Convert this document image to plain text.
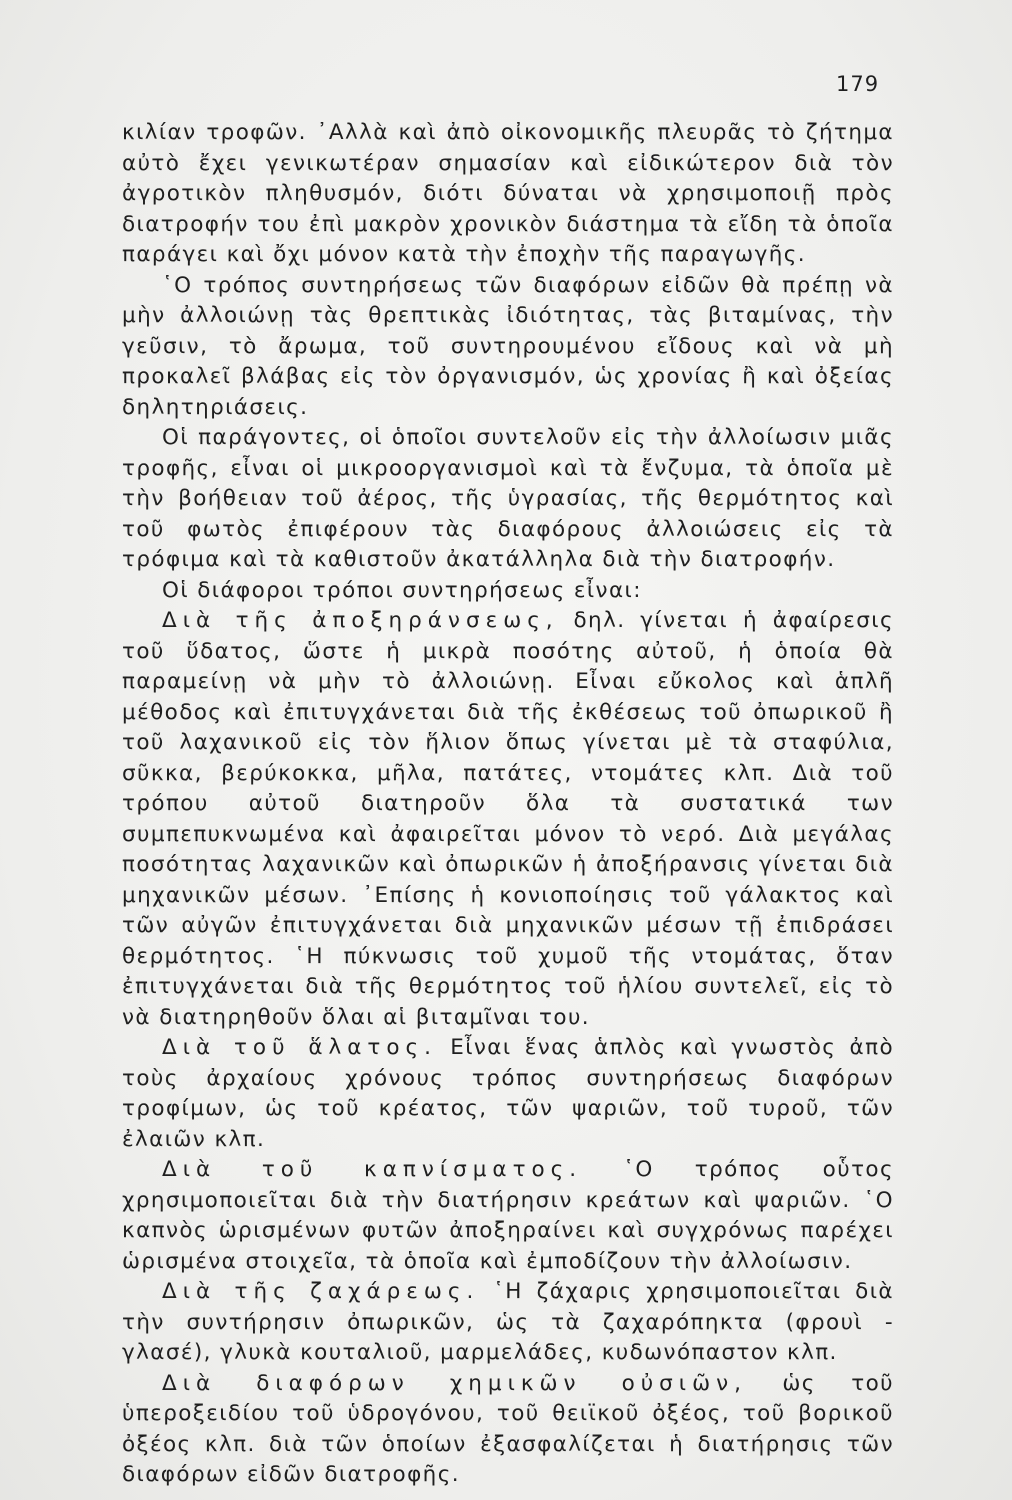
179

κιλίαν τροφῶν. ᾿Αλλὰ καὶ ἀπὸ οἰκονομικῆς πλευρᾶς τὸ ζήτημα αὐτὸ ἔχει γενικωτέραν σημασίαν καὶ εἰδικώτερον διὰ τὸν ἀγροτικὸν πληθυσμόν, διότι δύναται νὰ χρησιμοποιῇ πρὸς διατροφήν του ἐπὶ μακρὸν χρονικὸν διάστημα τὰ εἴδη τὰ ὁποῖα παράγει καὶ ὄχι μόνον κατὰ τὴν ἐποχὴν τῆς παραγωγῆς.

῾Ο τρόπος συντηρήσεως τῶν διαφόρων εἰδῶν θὰ πρέπῃ νὰ μὴν ἀλλοιώνῃ τὰς θρεπτικὰς ἰδιότητας, τὰς βιταμίνας, τὴν γεῦσιν, τὸ ἄρωμα, τοῦ συντηρουμένου εἴδους καὶ νὰ μὴ προκαλεῖ βλάβας εἰς τὸν ὀργανισμόν, ὡς χρονίας ἢ καὶ ὀξείας δηλητηριάσεις.

Οἱ παράγοντες, οἱ ὁποῖοι συντελοῦν εἰς τὴν ἀλλοίωσιν μιᾶς τροφῆς, εἶναι οἱ μικροοργανισμοὶ καὶ τὰ ἔνζυμα, τὰ ὁποῖα μὲ τὴν βοήθειαν τοῦ ἀέρος, τῆς ὑγρασίας, τῆς θερμότητος καὶ τοῦ φωτὸς ἐπιφέρουν τὰς διαφόρους ἀλλοιώσεις εἰς τὰ τρόφιμα καὶ τὰ καθιστοῦν ἀκατάλληλα διὰ τὴν διατροφήν.

Οἱ διάφοροι τρόποι συντηρήσεως εἶναι:

Διὰ τῆς ἀποξηράνσεως, δηλ. γίνεται ἡ ἀφαίρεσις τοῦ ὕδατος, ὥστε ἡ μικρὰ ποσότης αὐτοῦ, ἡ ὁποία θὰ παραμείνῃ νὰ μὴν τὸ ἀλλοιώνῃ. Εἶναι εὔκολος καὶ ἁπλῆ μέθοδος καὶ ἐπιτυγχάνεται διὰ τῆς ἐκθέσεως τοῦ ὀπωρικοῦ ἢ τοῦ λαχανικοῦ εἰς τὸν ἥλιον ὅπως γίνεται μὲ τὰ σταφύλια, σῦκκα, βερύκοκκα, μῆλα, πατάτες, ντομάτες κλπ. Διὰ τοῦ τρόπου αὐτοῦ διατηροῦν ὅλα τὰ συστατικά των συμπεπυκνωμένα καὶ ἀφαιρεῖται μόνον τὸ νερό. Διὰ μεγάλας ποσότητας λαχανικῶν καὶ ὀπωρικῶν ἡ ἀποξήρανσις γίνεται διὰ μηχανικῶν μέσων. ᾿Επίσης ἡ κονιοποίησις τοῦ γάλακτος καὶ τῶν αὐγῶν ἐπιτυγχάνεται διὰ μηχανικῶν μέσων τῇ ἐπιδράσει θερμότητος. ῾Η πύκνωσις τοῦ χυμοῦ τῆς ντομάτας, ὅταν ἐπιτυγχάνεται διὰ τῆς θερμότητος τοῦ ἡλίου συντελεῖ, εἰς τὸ νὰ διατηρηθοῦν ὅλαι αἱ βιταμῖναι του.

Διὰ τοῦ ἅλατος. Εἶναι ἕνας ἁπλὸς καὶ γνωστὸς ἀπὸ τοὺς ἀρχαίους χρόνους τρόπος συντηρήσεως διαφόρων τροφίμων, ὡς τοῦ κρέατος, τῶν ψαριῶν, τοῦ τυροῦ, τῶν ἐλαιῶν κλπ.

Διὰ τοῦ καπνίσματος. ῾Ο τρόπος οὗτος χρησιμοποιεῖται διὰ τὴν διατήρησιν κρεάτων καὶ ψαριῶν. ῾Ο καπνὸς ὡρισμένων φυτῶν ἀποξηραίνει καὶ συγχρόνως παρέχει ὡρισμένα στοιχεῖα, τὰ ὁποῖα καὶ ἐμποδίζουν τὴν ἀλλοίωσιν.

Διὰ τῆς ζαχάρεως. ῾Η ζάχαρις χρησιμοποιεῖται διὰ τὴν συντήρησιν ὀπωρικῶν, ὡς τὰ ζαχαρόπηκτα (φρουὶ - γλασέ), γλυκὰ κουταλιοῦ, μαρμελάδες, κυδωνόπαστον κλπ.

Διὰ διαφόρων χημικῶν οὐσιῶν, ὡς τοῦ ὑπεροξειδίου τοῦ ὑδρογόνου, τοῦ θειϊκοῦ ὀξέος, τοῦ βορικοῦ ὀξέος κλπ. διὰ τῶν ὁποίων ἐξασφαλίζεται ἡ διατήρησις τῶν διαφόρων εἰδῶν διατροφῆς.
